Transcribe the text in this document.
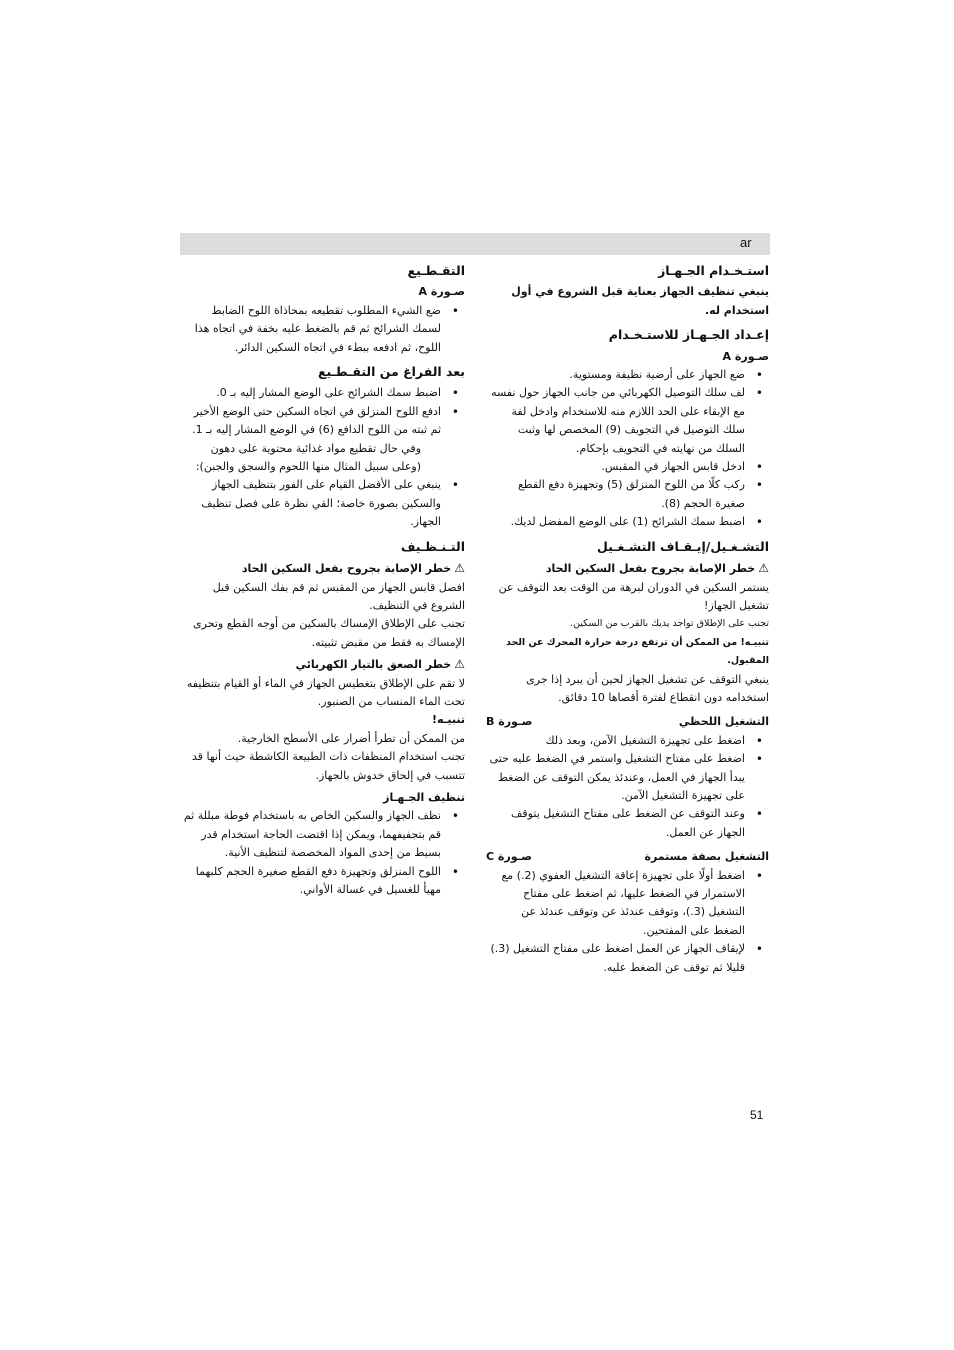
ar

استـخـدام الجـهـاز

ينبغي تنظيف الجهاز بعناية قبل الشروع في أول استخدام له.

إعـداد الجـهـاز للاستـخـدام

صـورة A

• ضع الجهاز على أرضية نظيفة ومستوية.
• لف سلك التوصيل الكهربائي من جانب الجهاز حول نفسه مع الإبقاء على الحد اللازم منه للاستخدام وادخل لفة سلك التوصيل في التجويف (9) المخصص لها وثبت السلك من نهايته في التجويف بإحكام.
• ادخل قابس الجهاز في المقبس.
• ركب كلًا من اللوح المنزلق (5) وتجهيزة دفع القطع صغيرة الحجم (8).
• اضبط سمك الشرائح (1) على الوضع المفضل لديك.

التشـغـيل/إيـقـاف التشـغـيل

⚠خطر الإصابة بجروح بفعل السكين الحاد

يستمر السكين في الدوران لبرهة من الوقت بعد التوقف عن تشغيل الجهاز!

تجنب على الإطلاق تواجد يديك بالقرب من السكين.

تنبيـه! من الممكن أن ترتفع درجة حرارة المحرك عن الحد المقبول.

ينبغي التوقف عن تشغيل الجهاز لحين أن يبرد إذا جرى استخدامه دون انقطاع لفترة أقصاها 10 دقائق.

التشغيل اللحظي
صـورة B
• اضغط على تجهيزة التشغيل الآمن، وبعد ذلك
• اضغط على مفتاح التشغيل واستمر في الضغط عليه حتى يبدأ الجهاز في العمل، وعندئذ يمكن التوقف عن الضغط على تجهيزة التشغيل الآمن.
• وعند التوقف عن الضغط على مفتاح التشغيل يتوقف الجهاز عن العمل.
التشغيل بصفة مستمرة
صـورة C
• اضغط أولًا على تجهيزة إعاقة التشغيل العفوي (2.) مع الاستمرار في الضغط عليها، ثم اضغط على مفتاح التشغيل (3.)، وتوقف عندئذ عن وتوقف عندئذ عن الضغط على المفتحين.
• لإيقاف الجهاز عن العمل اضغط على مفتاح التشغيل (3.) قليلا ثم توقف عن الضغط عليه.

التقـطـيع

صـورة A

• ضع الشيء المطلوب تقطيعه بمحاذاة اللوح الضابط لسمك الشرائح ثم قم بالضغط عليه بخفة في اتجاه هذا اللوح، ثم ادفعه ببطء في اتجاه السكين الدائر.

بعد الفراغ من التقـطـيع

• اضبط سمك الشرائح على الوضع المشار إليه بـ 0.
• ادفع اللوح المنزلق في اتجاه السكين حتى الوضع الأخير ثم ثبته من اللوح الدافع (6) في الوضع المشار إليه بـ 1.

وفي حال تقطيع مواد غذائية محتوية على دهون (وعلى سبيل المثال منها اللحوم والسجق والجبن):

• ينبغي على الأفضل القيام على الفور بتنظيف الجهاز والسكين بصورة خاصة؛ القي نظرة على فصل تنظيف الجهاز.

التـنـظـيف

⚠خطر الإصابة بجروح بفعل السكين الحاد

افصل قابس الجهاز من المقبس ثم قم بفك السكين قبل الشروع في التنظيف.

تجنب على الإطلاق الإمساك بالسكين من أوجه القطع وتحرى الإمساك به فقط من مقبض تثبيته.

⚠خطر الصعق بالتيار الكهربائي

لا تقم على الإطلاق بتغطيس الجهاز في الماء أو القيام بتنظيفه تحت الماء المنساب من الصنبور.

تنبيـه!

من الممكن أن تطرأ أضرار على الأسطح الخارجية.

تجنب استخدام المنظفات ذات الطبيعة الكاشطة حيث أنها قد تتسبب في إلحاق خدوش بالجهاز.

تنظيف الجـهـاز

• نظف الجهاز والسكين الخاص به باستخدام فوطة مبللة ثم قم بتجفيفهما، ويمكن إذا اقتضت الحاجة استخدام قدر بسيط من إحدى المواد المخصصة لتنظيف الأنية.
• اللوح المنزلق وتجهيزة دفع القطع صغيرة الحجم كلبهما مهيأ للغسيل في غسالة الأواني.
51
